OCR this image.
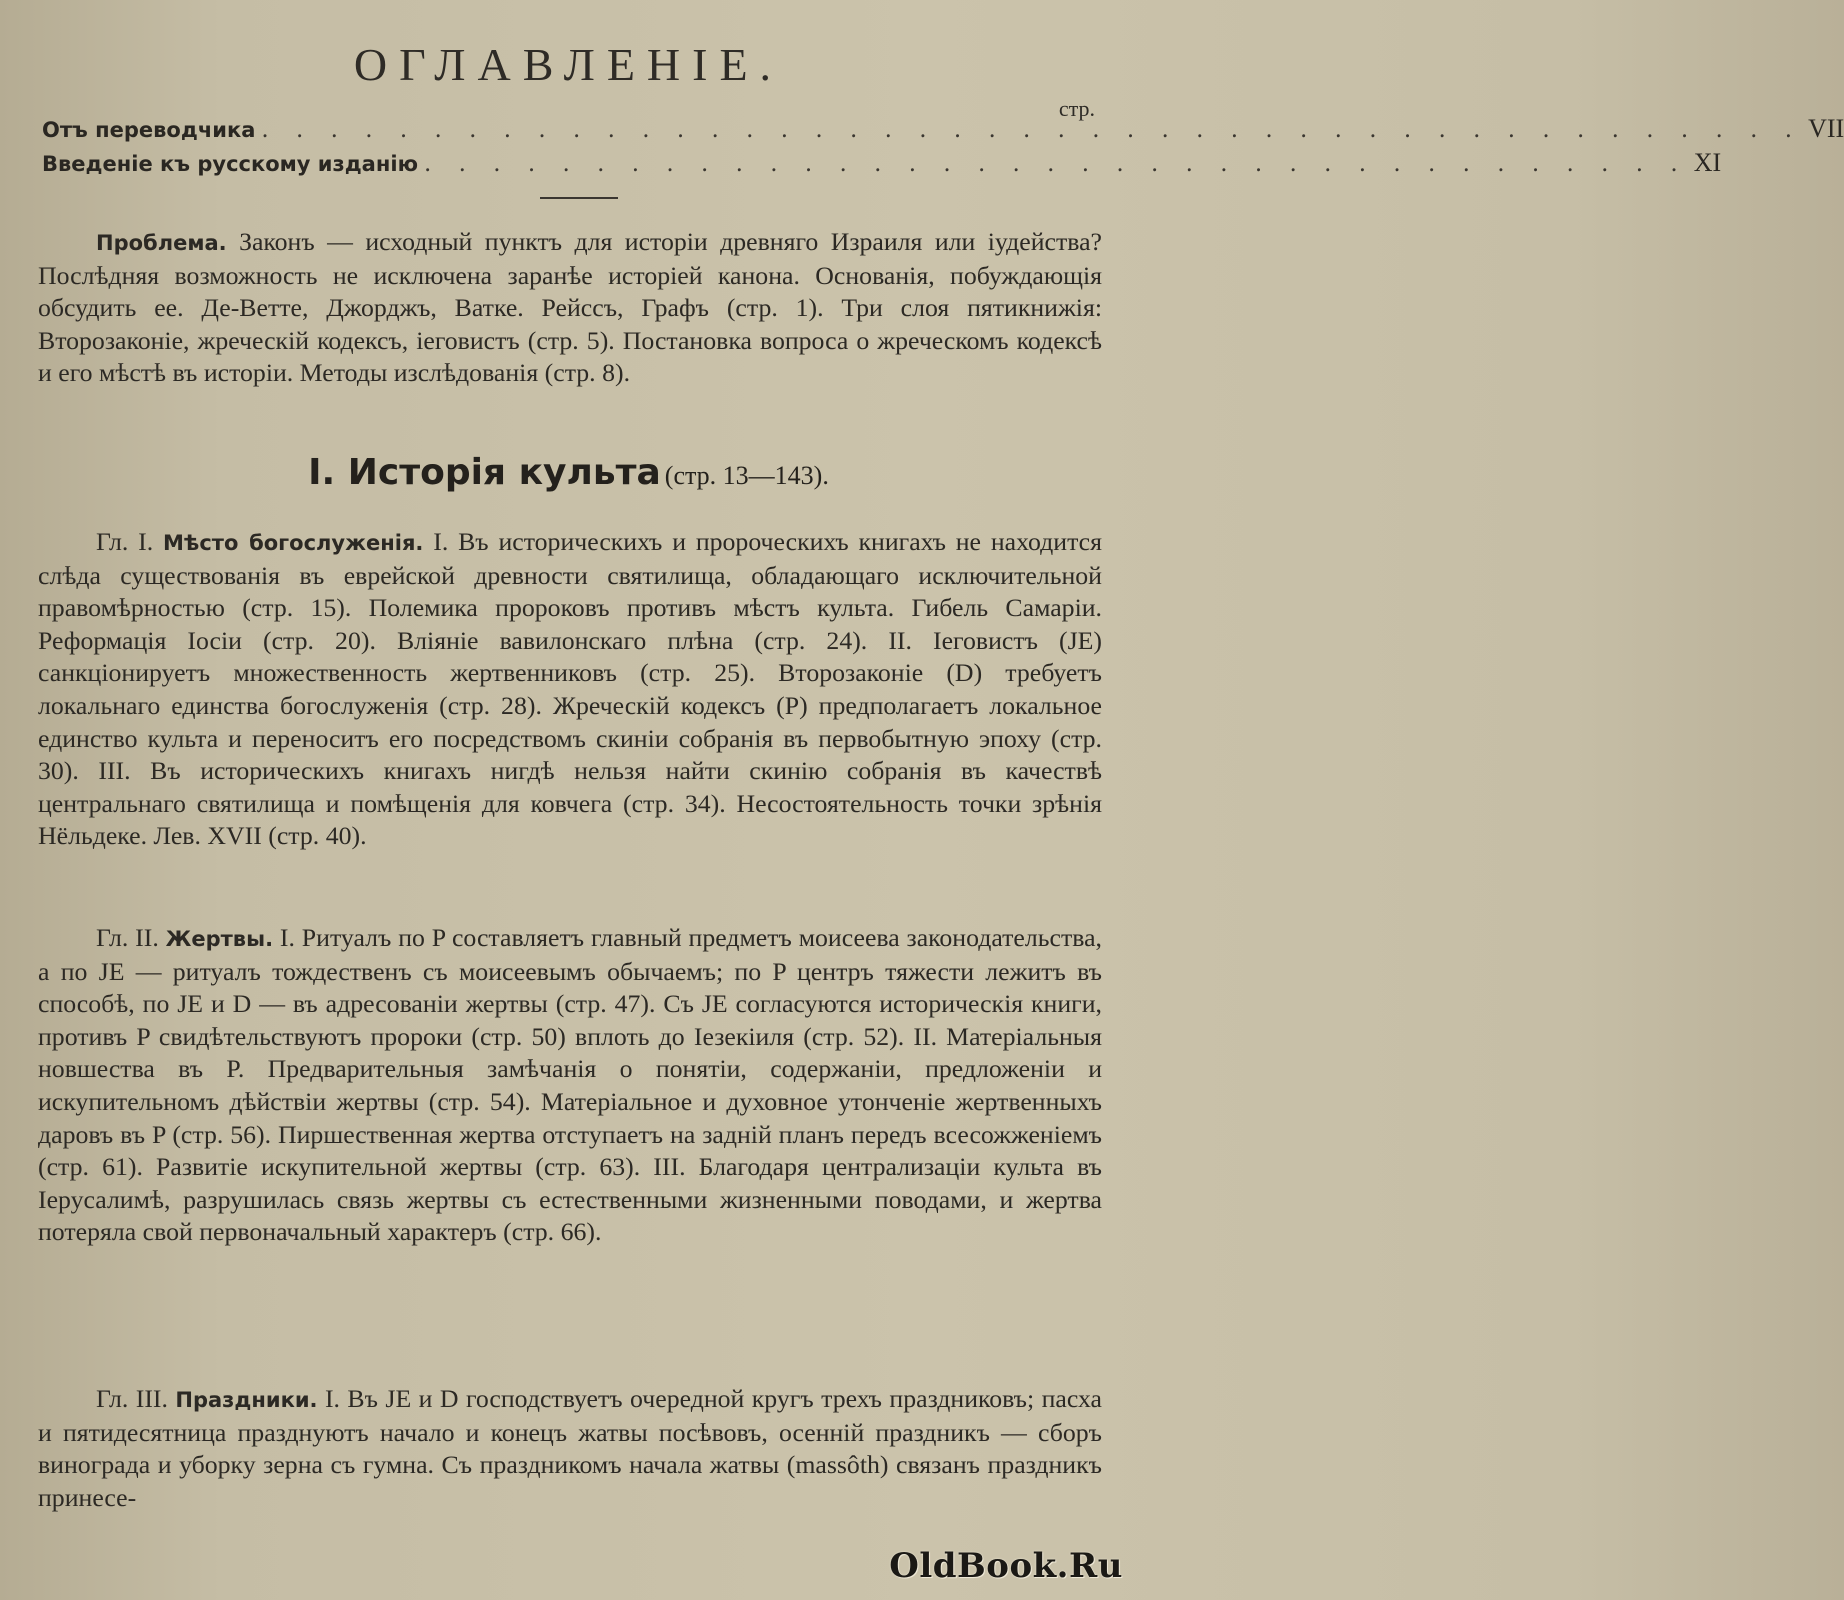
ОГЛАВЛЕНІЕ.
стр.
Отъ переводчика . . . . . . . . . . . . . . . . . . . . . . . . . . . . . . . . . . . . . . . . . . . . . VII
Введеніе къ русскому изданію . . . . . . . . . . . . . . . . . . . . . . . . . . . . . . . . . . . . . XI
Проблема. Законъ — исходный пунктъ для исторіи древняго Израиля или іудейства? Послѣдняя возможность не исключена заранѣе исторіей канона. Основанія, побуждающія обсудить ее. Де-Ветте, Джорджъ, Ватке. Рейссъ, Графъ (стр. 1). Три слоя пятикнижія: Второзаконіе, жреческій кодексъ, іеговистъ (стр. 5). Постановка вопроса о жреческомъ кодексѣ и его мѣстѣ въ исторіи. Методы изслѣдованія (стр. 8).
I. Исторія культа (стр. 13—143).
Гл. I. Мѣсто богослуженія. I. Въ историческихъ и пророческихъ книгахъ не находится слѣда существованія въ еврейской древности святилища, обладающаго исключительной правомѣрностью (стр. 15). Полемика пророковъ противъ мѣстъ культа. Гибель Самаріи. Реформація Іосіи (стр. 20). Вліяніе вавилонскаго плѣна (стр. 24). II. Іеговистъ (JE) санкціонируетъ множественность жертвенниковъ (стр. 25). Второзаконіе (D) требуетъ локальнаго единства богослуженія (стр. 28). Жреческій кодексъ (P) предполагаетъ локальное единство культа и переноситъ его посредствомъ скиніи собранія въ первобытную эпоху (стр. 30). III. Въ историческихъ книгахъ нигдѣ нельзя найти скинію собранія въ качествѣ центральнаго святилища и помѣщенія для ковчега (стр. 34). Несостоятельность точки зрѣнія Нёльдеке. Лев. XVII (стр. 40).
Гл. II. Жертвы. I. Ритуалъ по P составляетъ главный предметъ моисеева законодательства, а по JE — ритуалъ тождественъ съ моисеевымъ обычаемъ; по P центръ тяжести лежитъ въ способѣ, по JE и D — въ адресованіи жертвы (стр. 47). Съ JE согласуются историческія книги, противъ P свидѣтельствуютъ пророки (стр. 50) вплоть до Іезекіиля (стр. 52). II. Матеріальныя новшества въ P. Предварительныя замѣчанія о понятіи, содержаніи, предложеніи и искупительномъ дѣйствіи жертвы (стр. 54). Матеріальное и духовное утонченіе жертвенныхъ даровъ въ P (стр. 56). Пиршественная жертва отступаетъ на задній планъ передъ всесожженіемъ (стр. 61). Развитіе искупительной жертвы (стр. 63). III. Благодаря централизаціи культа въ Іерусалимѣ, разрушилась связь жертвы съ естественными жизненными поводами, и жертва потеряла свой первоначальный характеръ (стр. 66).
Гл. III. Праздники. I. Въ JE и D господствуетъ очередной кругъ трехъ праздниковъ; пасха и пятидесятница празднуютъ начало и конецъ жатвы посѣвовъ, осенній праздникъ — сборъ винограда и уборку зерна съ гумна. Съ праздникомъ начала жатвы (massôth) связанъ праздникъ принесе-
OldBook.Ru
